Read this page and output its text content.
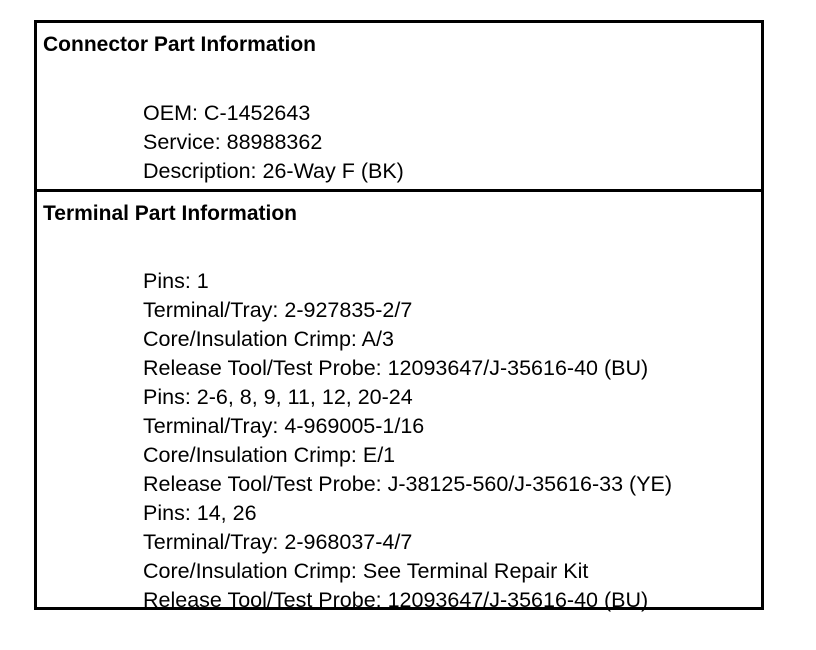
Connector Part Information
OEM: C-1452643
Service: 88988362
Description: 26-Way F (BK)
Terminal Part Information
Pins: 1
Terminal/Tray: 2-927835-2/7
Core/Insulation Crimp: A/3
Release Tool/Test Probe: 12093647/J-35616-40 (BU)
Pins: 2-6, 8, 9, 11, 12, 20-24
Terminal/Tray: 4-969005-1/16
Core/Insulation Crimp: E/1
Release Tool/Test Probe: J-38125-560/J-35616-33 (YE)
Pins: 14, 26
Terminal/Tray: 2-968037-4/7
Core/Insulation Crimp: See Terminal Repair Kit
Release Tool/Test Probe: 12093647/J-35616-40 (BU)
